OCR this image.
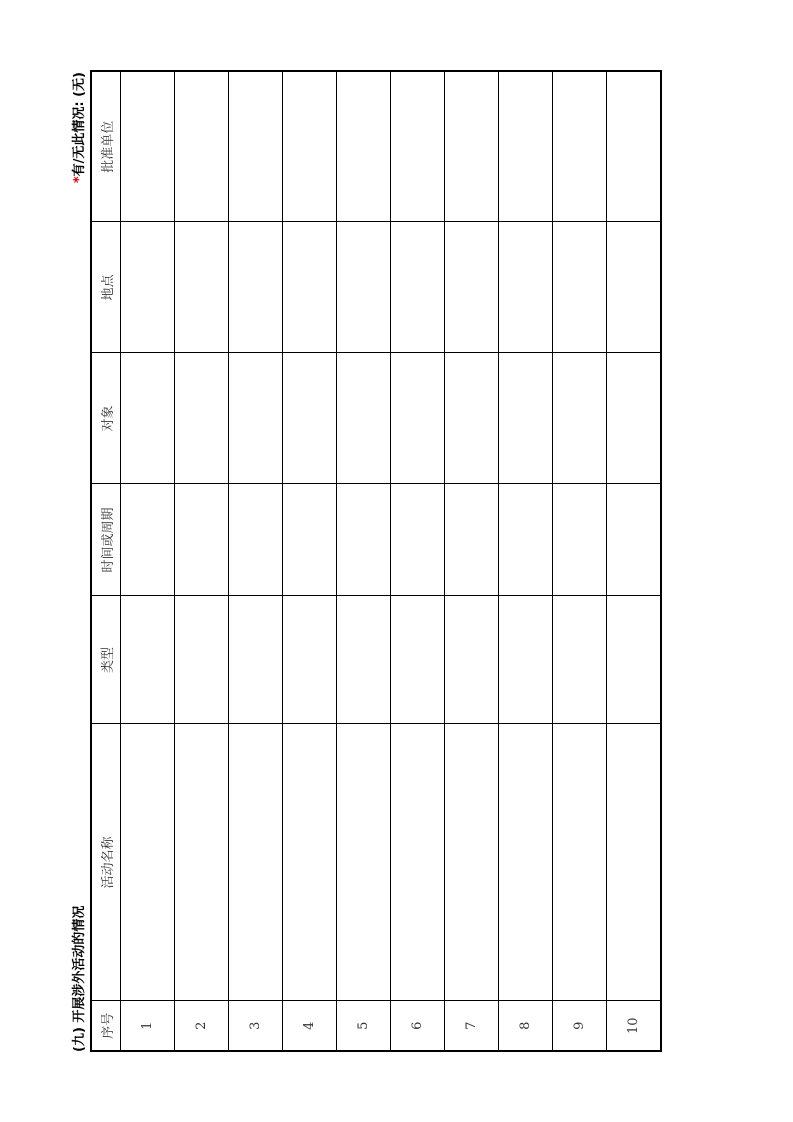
(九) 开展涉外活动的情况
*有/无此情况: (无)
序号	活动名称	类型	时间或周期	对象	地点	批准单位
1						
2						
3						
4						
5						
6						
7						
8						
9						
10						
